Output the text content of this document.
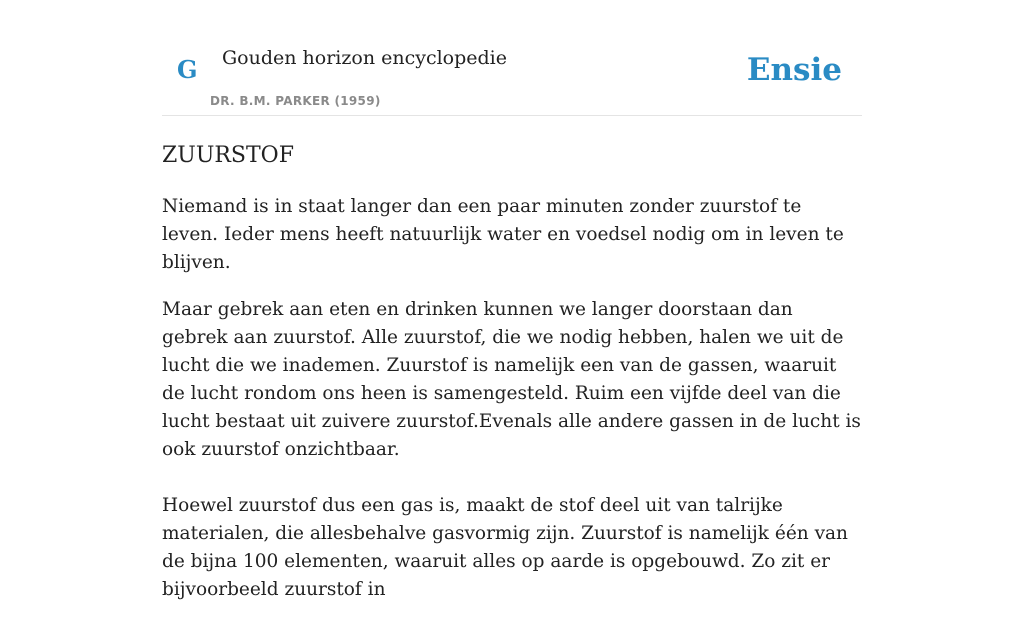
G Gouden horizon encyclopedie
DR. B.M. PARKER (1959)
Ensie
ZUURSTOF

Niemand is in staat langer dan een paar minuten zonder zuurstof te leven. Ieder mens heeft natuurlijk water en voedsel nodig om in leven te blijven.

Maar gebrek aan eten en drinken kunnen we langer doorstaan dan gebrek aan zuurstof. Alle zuurstof, die we nodig hebben, halen we uit de lucht die we inademen. Zuurstof is namelijk een van de gassen, waaruit de lucht rondom ons heen is samengesteld. Ruim een vijfde deel van die lucht bestaat uit zuivere zuurstof.Evenals alle andere gassen in de lucht is ook zuurstof onzichtbaar.

Hoewel zuurstof dus een gas is, maakt de stof deel uit van talrijke materialen, die allesbehalve gasvormig zijn. Zuurstof is namelijk één van de bijna 100 elementen, waaruit alles op aarde is opgebouwd. Zo zit er bijvoorbeeld zuurstof in
